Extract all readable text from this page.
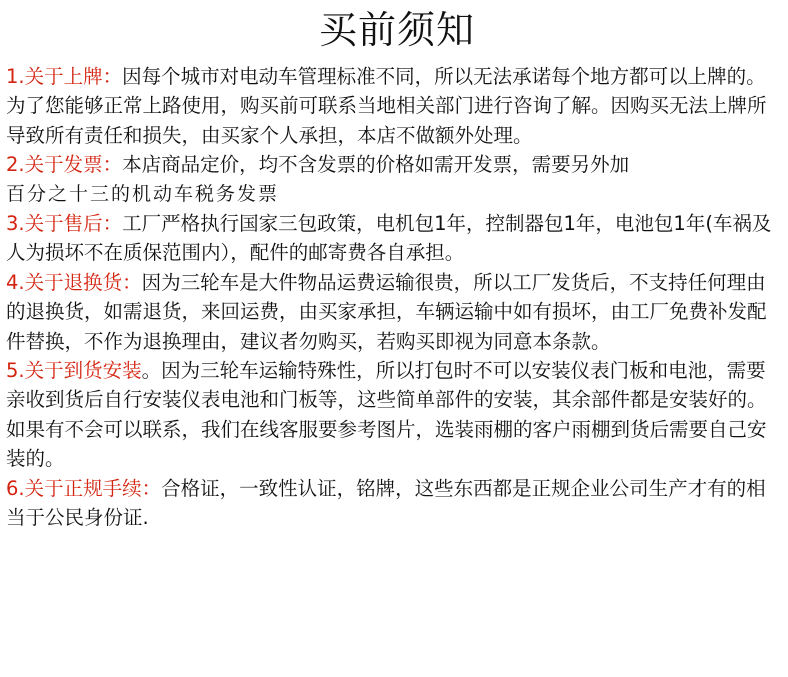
买前须知

1.关于上牌：因每个城市对电动车管理标准不同，所以无法承诺每个地方都可以上牌的。为了您能够正常上路使用，购买前可联系当地相关部门进行咨询了解。因购买无法上牌所导致所有责任和损失，由买家个人承担，本店不做额外处理。

2.关于发票：本店商品定价，均不含发票的价格如需开发票，需要另外加
百分之十三的机动车税务发票

3.关于售后：工厂严格执行国家三包政策，电机包1年，控制器包1年，电池包1年(车祸及人为损坏不在质保范围内），配件的邮寄费各自承担。

4.关于退换货：因为三轮车是大件物品运费运输很贵，所以工厂发货后，不支持任何理由的退换货，如需退货，来回运费，由买家承担，车辆运输中如有损坏，由工厂免费补发配件替换，不作为退换理由，建议者勿购买，若购买即视为同意本条款。

5.关于到货安装。因为三轮车运输特殊性，所以打包时不可以安装仪表门板和电池，需要亲收到货后自行安装仪表电池和门板等，这些简单部件的安装，其余部件都是安装好的。如果有不会可以联系，我们在线客服要参考图片，选装雨棚的客户雨棚到货后需要自己安装的。

6.关于正规手续：合格证，一致性认证，铭牌，这些东西都是正规企业公司生产才有的相当于公民身份证.
